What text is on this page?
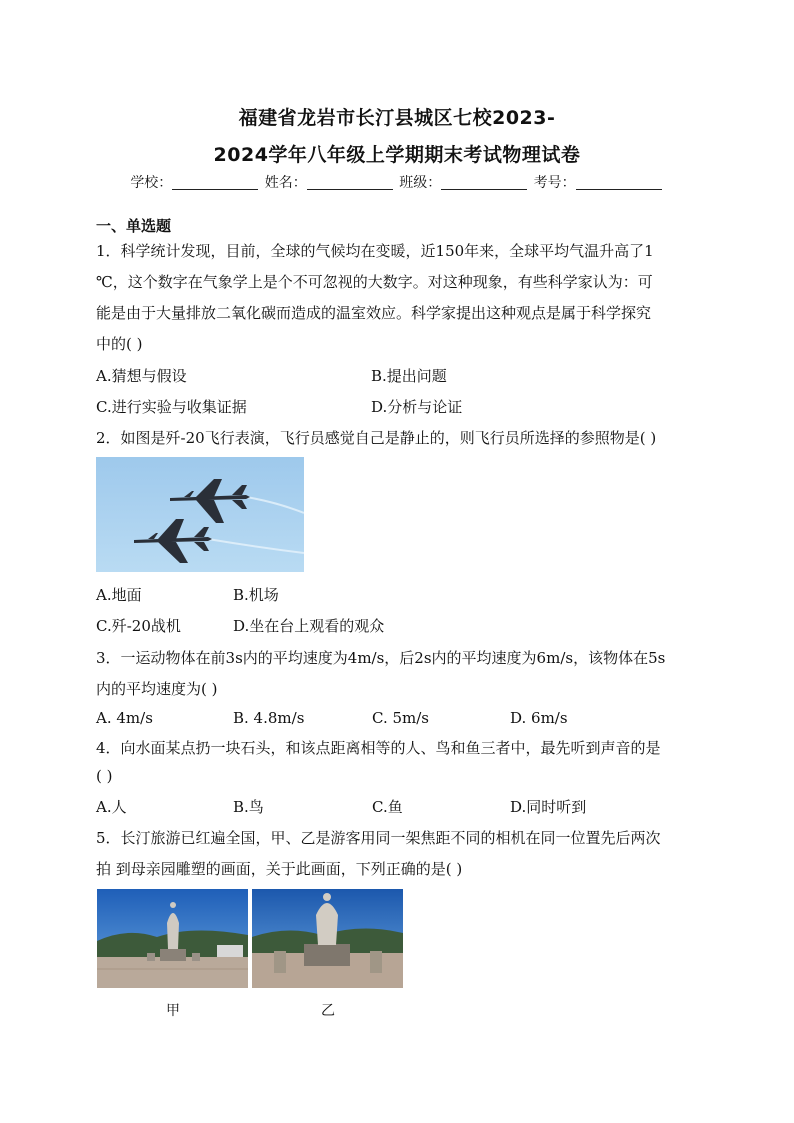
福建省龙岩市长汀县城区七校2023-
2024学年八年级上学期期末考试物理试卷
学校：	姓名：	班级：	考号：
一、单选题
1．科学统计发现，目前，全球的气候均在变暖，近150年来，全球平均气温升高了1
℃，这个数字在气象学上是个不可忽视的大数字。对这种现象，有些科学家认为：可
能是由于大量排放二氧化碳而造成的温室效应。科学家提出这种观点是属于科学探究
中的( )
A.猜想与假设	B.提出问题
C.进行实验与收集证据	D.分析与论证
2．如图是歼-20飞行表演，飞行员感觉自己是静止的，则飞行员所选择的参照物是( )
A.地面	B.机场
C.歼-20战机	D.坐在台上观看的观众
3．一运动物体在前3s内的平均速度为4m/s，后2s内的平均速度为6m/s，该物体在5s
内的平均速度为( )
A. 4m/s	B. 4.8m/s	C. 5m/s	D. 6m/s
4．向水面某点扔一块石头，和该点距离相等的人、鸟和鱼三者中，最先听到声音的是
( )
A.人	B.鸟	C.鱼	D.同时听到
5．长汀旅游已红遍全国，甲、乙是游客用同一架焦距不同的相机在同一位置先后两次
拍 到母亲园雕塑的画面，关于此画面，下列正确的是( )
甲	乙
